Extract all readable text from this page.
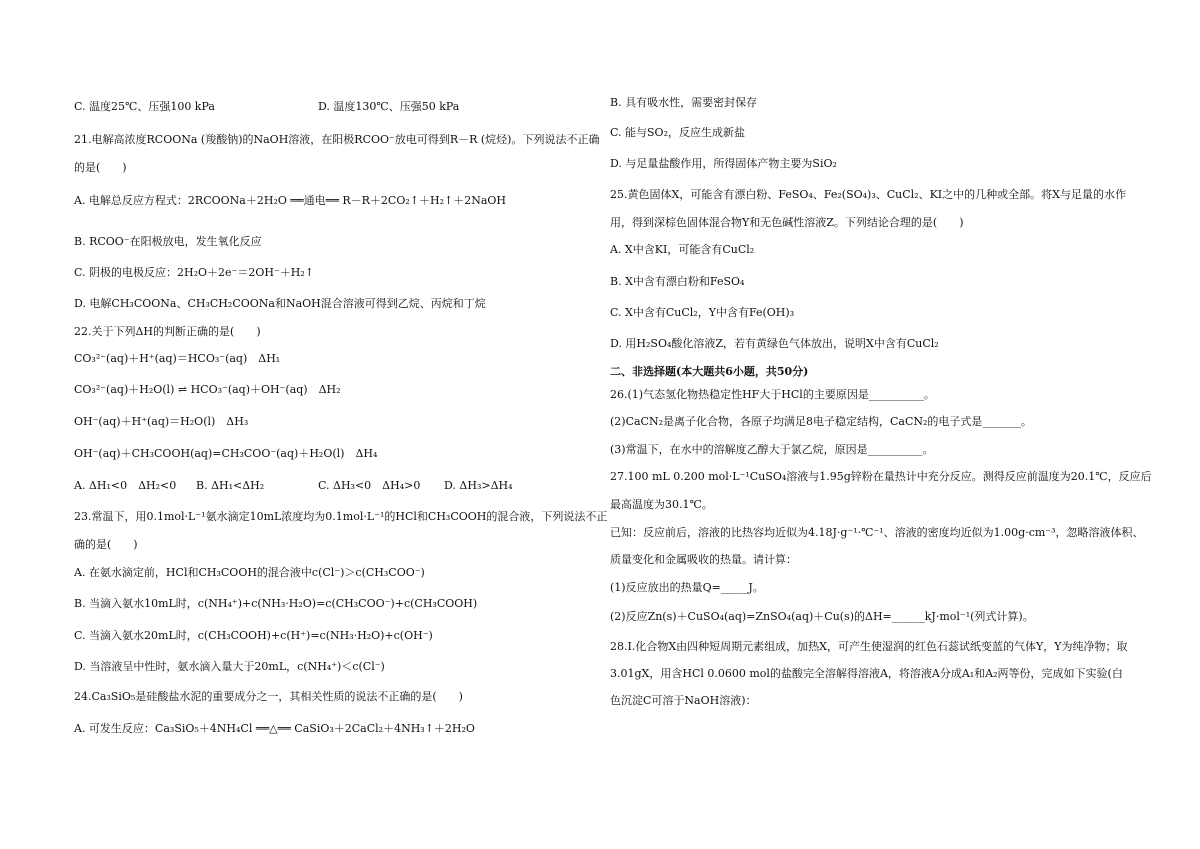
C. 温度25℃、压强100 kPa	D. 温度130℃、压强50 kPa
21.电解高浓度RCOONa (羧酸钠)的NaOH溶液，在阳极RCOO⁻放电可得到R－R (烷烃)。下列说法不正确
的是(　　)
A. 电解总反应方程式：2RCOONa＋2H₂O ══通电══ R－R＋2CO₂↑＋H₂↑＋2NaOH
B. RCOO⁻在阳极放电，发生氧化反应
C. 阴极的电极反应：2H₂O＋2e⁻＝2OH⁻＋H₂↑
D. 电解CH₃COONa、CH₃CH₂COONa和NaOH混合溶液可得到乙烷、丙烷和丁烷
22.关于下列ΔH的判断正确的是(　　)
CO₃²⁻(aq)＋H⁺(aq)＝HCO₃⁻(aq)　ΔH₁
CO₃²⁻(aq)＋H₂O(l) ⇌ HCO₃⁻(aq)＋OH⁻(aq)　ΔH₂
OH⁻(aq)＋H⁺(aq)＝H₂O(l)　ΔH₃
OH⁻(aq)＋CH₃COOH(aq)=CH₃COO⁻(aq)＋H₂O(l)　ΔH₄
A. ΔH₁<0　ΔH₂<0 B. ΔH₁<ΔH₂	C. ΔH₃<0　ΔH₄>0 D. ΔH₃>ΔH₄
23.常温下，用0.1mol·L⁻¹氨水滴定10mL浓度均为0.1mol·L⁻¹的HCl和CH₃COOH的混合液，下列说法不正
确的是(　　)
A. 在氨水滴定前，HCl和CH₃COOH的混合液中c(Cl⁻)＞c(CH₃COO⁻)
B. 当滴入氨水10mL时，c(NH₄⁺)+c(NH₃·H₂O)=c(CH₃COO⁻)+c(CH₃COOH)
C. 当滴入氨水20mL时，c(CH₃COOH)+c(H⁺)=c(NH₃·H₂O)+c(OH⁻)
D. 当溶液呈中性时，氨水滴入量大于20mL，c(NH₄⁺)＜c(Cl⁻)
24.Ca₃SiO₅是硅酸盐水泥的重要成分之一，其相关性质的说法不正确的是(　　)
A. 可发生反应：Ca₃SiO₅＋4NH₄Cl ══△══ CaSiO₃＋2CaCl₂＋4NH₃↑＋2H₂O
B. 具有吸水性，需要密封保存
C. 能与SO₂，反应生成新盐
D. 与足量盐酸作用，所得固体产物主要为SiO₂
25.黄色固体X，可能含有漂白粉、FeSO₄、Fe₂(SO₄)₃、CuCl₂、KI之中的几种或全部。将X与足量的水作
用，得到深棕色固体混合物Y和无色碱性溶液Z。下列结论合理的是(　　)
A. X中含KI，可能含有CuCl₂
B. X中含有漂白粉和FeSO₄
C. X中含有CuCl₂，Y中含有Fe(OH)₃
D. 用H₂SO₄酸化溶液Z，若有黄绿色气体放出，说明X中含有CuCl₂
二、非选择题(本大题共6小题，共50分)
26.(1)气态氢化物热稳定性HF大于HCl的主要原因是__________。
(2)CaCN₂是离子化合物，各原子均满足8电子稳定结构，CaCN₂的电子式是_______。
(3)常温下，在水中的溶解度乙醇大于氯乙烷，原因是__________。
27.100 mL 0.200 mol·L⁻¹CuSO₄溶液与1.95g锌粉在量热计中充分反应。测得反应前温度为20.1℃，反应后
最高温度为30.1℃。
已知：反应前后，溶液的比热容均近似为4.18J·g⁻¹·℃⁻¹、溶液的密度均近似为1.00g·cm⁻³，忽略溶液体积、
质量变化和金属吸收的热量。请计算：
(1)反应放出的热量Q=_____J。
(2)反应Zn(s)＋CuSO₄(aq)=ZnSO₄(aq)＋Cu(s)的ΔH=______kJ·mol⁻¹(列式计算)。
28.Ⅰ.化合物X由四种短周期元素组成，加热X，可产生使湿润的红色石蕊试纸变蓝的气体Y，Y为纯净物；取
3.01gX，用含HCl 0.0600 mol的盐酸完全溶解得溶液A，将溶液A分成A₁和A₂两等份，完成如下实验(白
色沉淀C可溶于NaOH溶液)：
